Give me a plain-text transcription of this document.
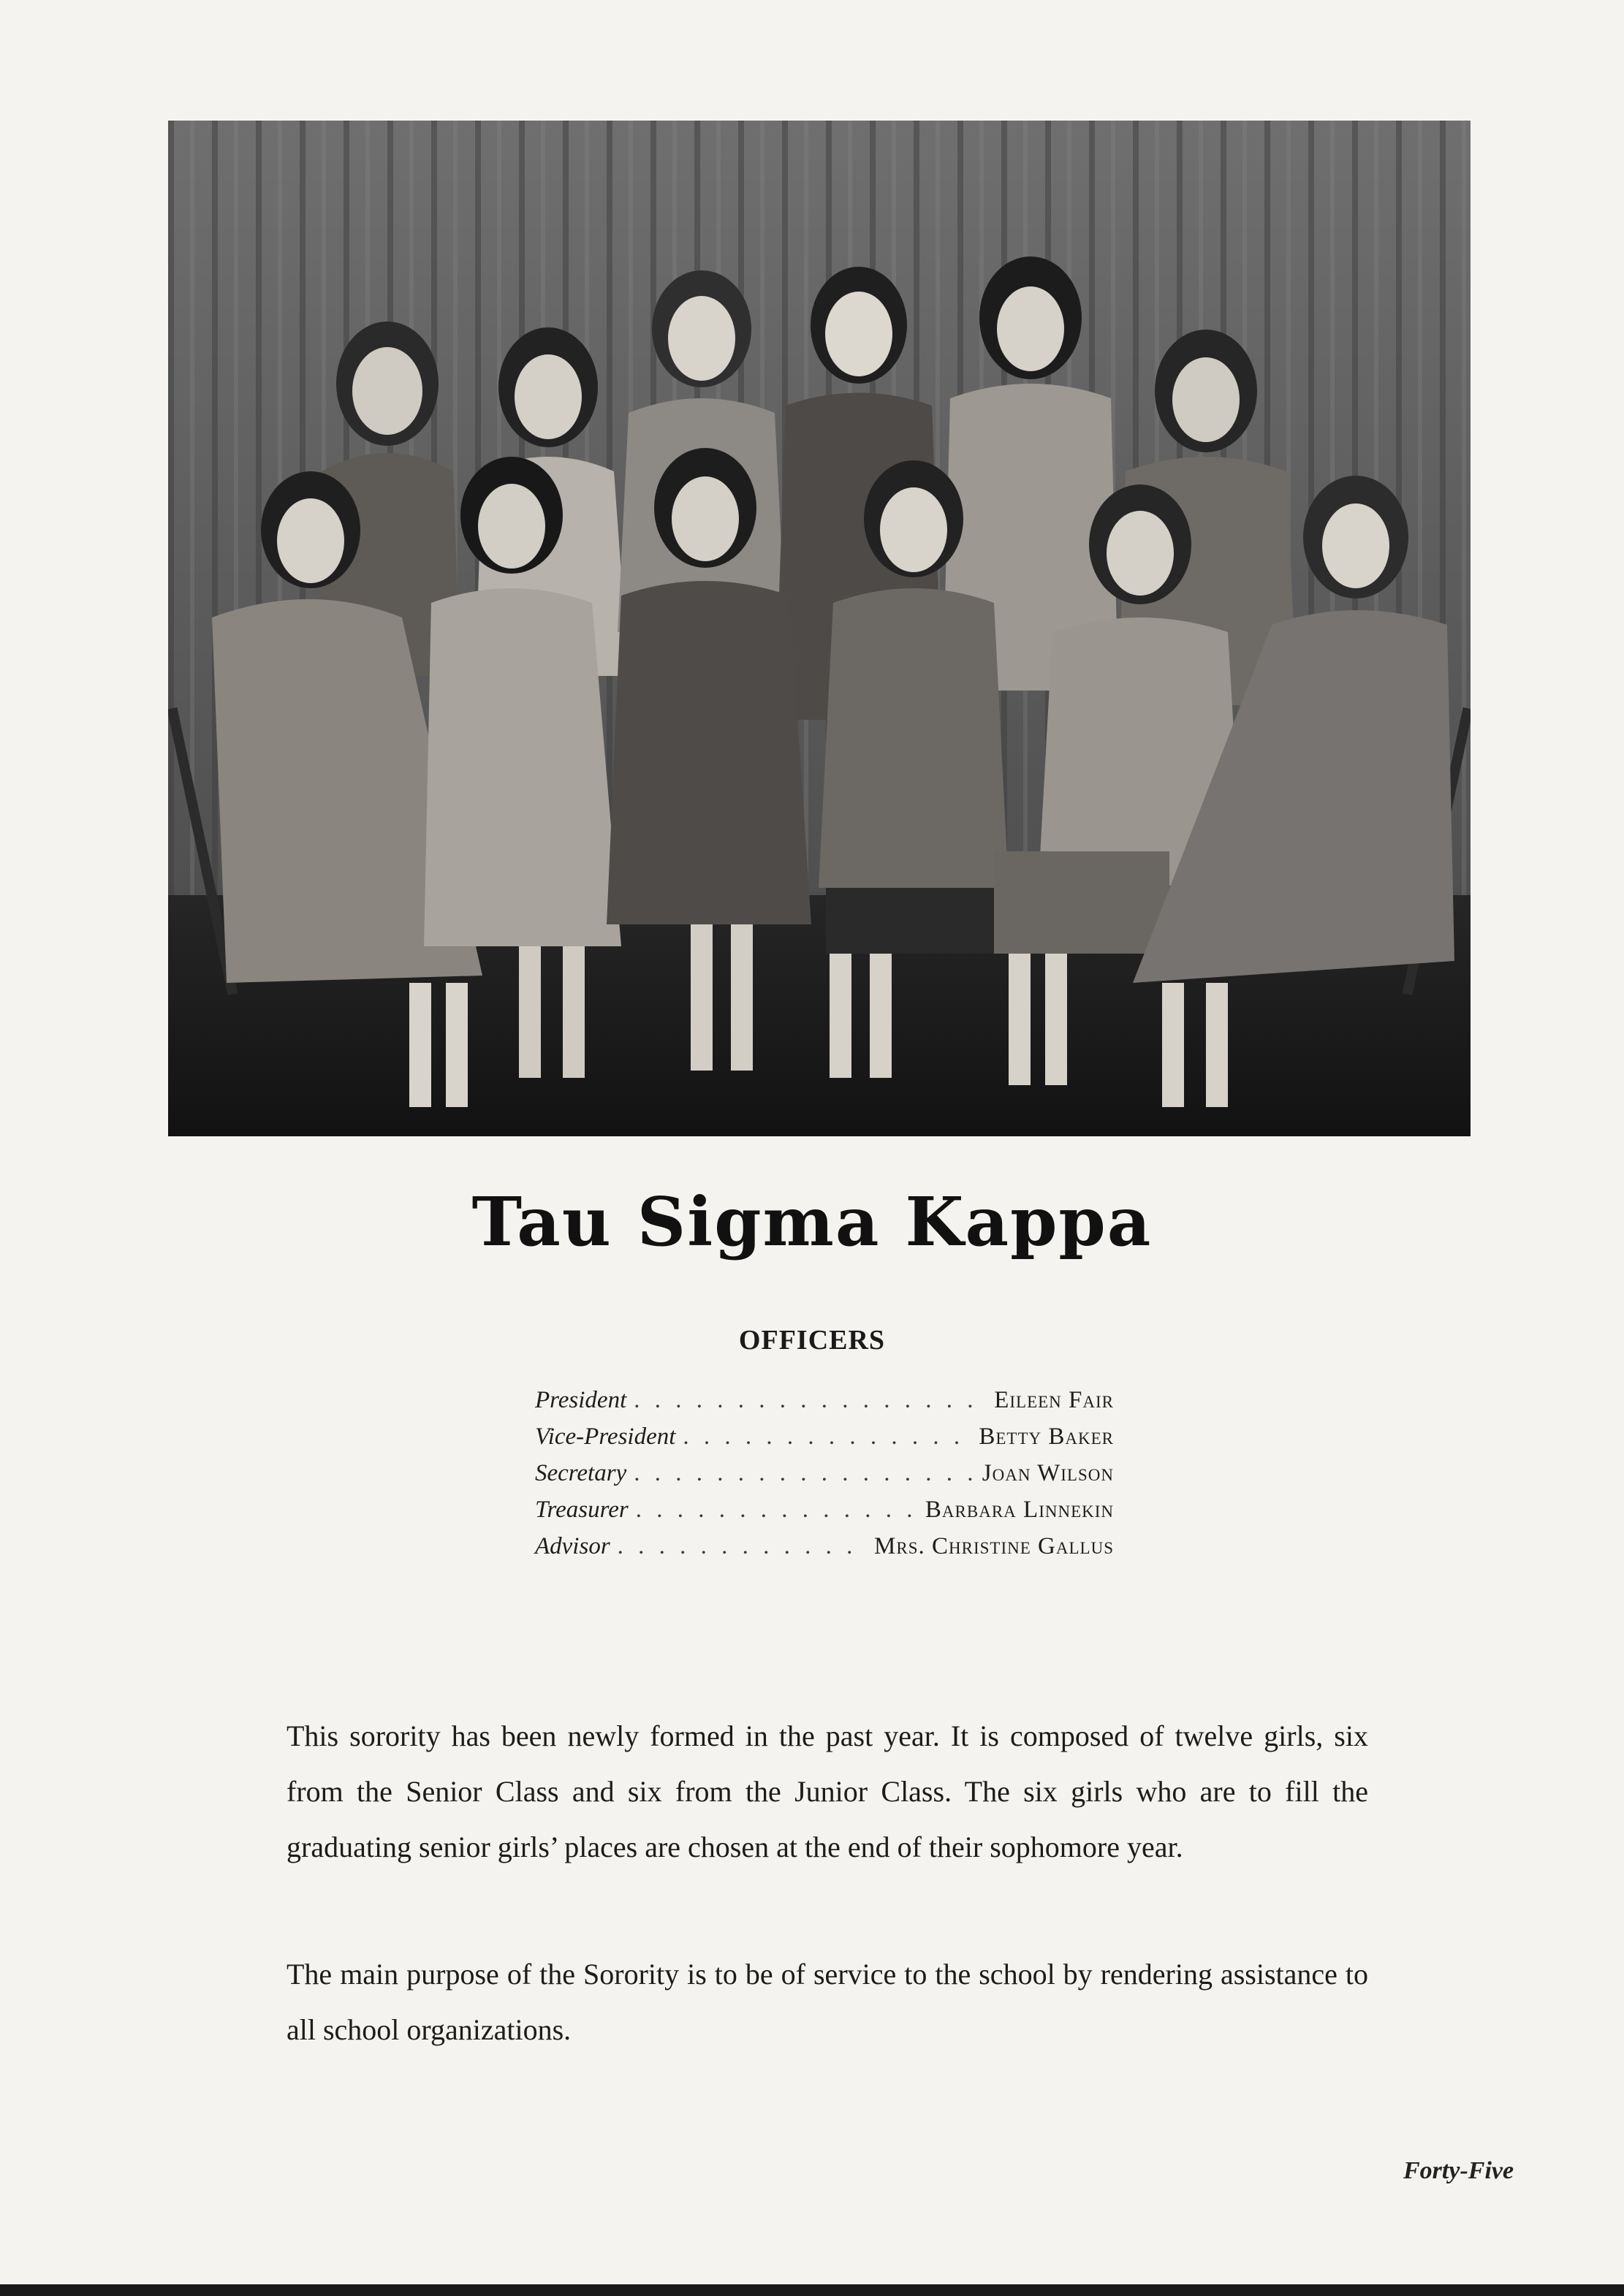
Tau Sigma Kappa
OFFICERS
President . . .	Eileen Fair
Vice-President . . .	Betty Baker
Secretary . . .	Joan Wilson
Treasurer . . .	Barbara Linnekin
Advisor . . .	Mrs. Christine Gallus

This sorority has been newly formed in the past year. It is composed of twelve girls, six from the Senior Class and six from the Junior Class. The six girls who are to fill the graduating senior girls’ places are chosen at the end of their sophomore year.

The main purpose of the Sorority is to be of service to the school by rendering assistance to all school organizations.

Forty-Five
